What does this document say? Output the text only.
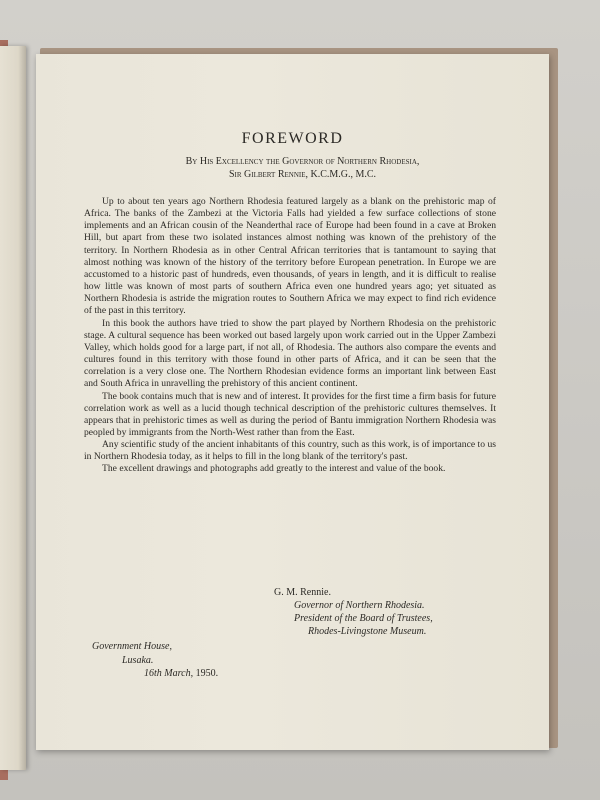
FOREWORD
By His Excellency the Governor of Northern Rhodesia,
Sir Gilbert Rennie, K.C.M.G., M.C.

Up to about ten years ago Northern Rhodesia featured largely as a blank on the prehistoric map of Africa. The banks of the Zambezi at the Victoria Falls had yielded a few surface collections of stone implements and an African cousin of the Neanderthal race of Europe had been found in a cave at Broken Hill, but apart from these two isolated instances almost nothing was known of the prehistory of the territory. In Northern Rhodesia as in other Central African territories that is tantamount to saying that almost nothing was known of the history of the territory before European penetration. In Europe we are accustomed to a historic past of hundreds, even thousands, of years in length, and it is difficult to realise how little was known of most parts of southern Africa even one hundred years ago; yet situated as Northern Rhodesia is astride the migration routes to Southern Africa we may expect to find rich evidence of the past in this territory.

In this book the authors have tried to show the part played by Northern Rhodesia on the prehistoric stage. A cultural sequence has been worked out based largely upon work carried out in the Upper Zambezi Valley, which holds good for a large part, if not all, of Rhodesia. The authors also compare the events and cultures found in this territory with those found in other parts of Africa, and it can be seen that the correlation is a very close one. The Northern Rhodesian evidence forms an important link between East and South Africa in unravelling the prehistory of this ancient continent.

The book contains much that is new and of interest. It provides for the first time a firm basis for future correlation work as well as a lucid though technical description of the prehistoric cultures themselves. It appears that in prehistoric times as well as during the period of Bantu immigration Northern Rhodesia was peopled by immigrants from the North-West rather than from the East.

Any scientific study of the ancient inhabitants of this country, such as this work, is of importance to us in Northern Rhodesia today, as it helps to fill in the long blank of the territory's past.

The excellent drawings and photographs add greatly to the interest and value of the book.

G. M. Rennie.
Governor of Northern Rhodesia.
President of the Board of Trustees,
Rhodes-Livingstone Museum.
Government House,
Lusaka.
16th March, 1950.
